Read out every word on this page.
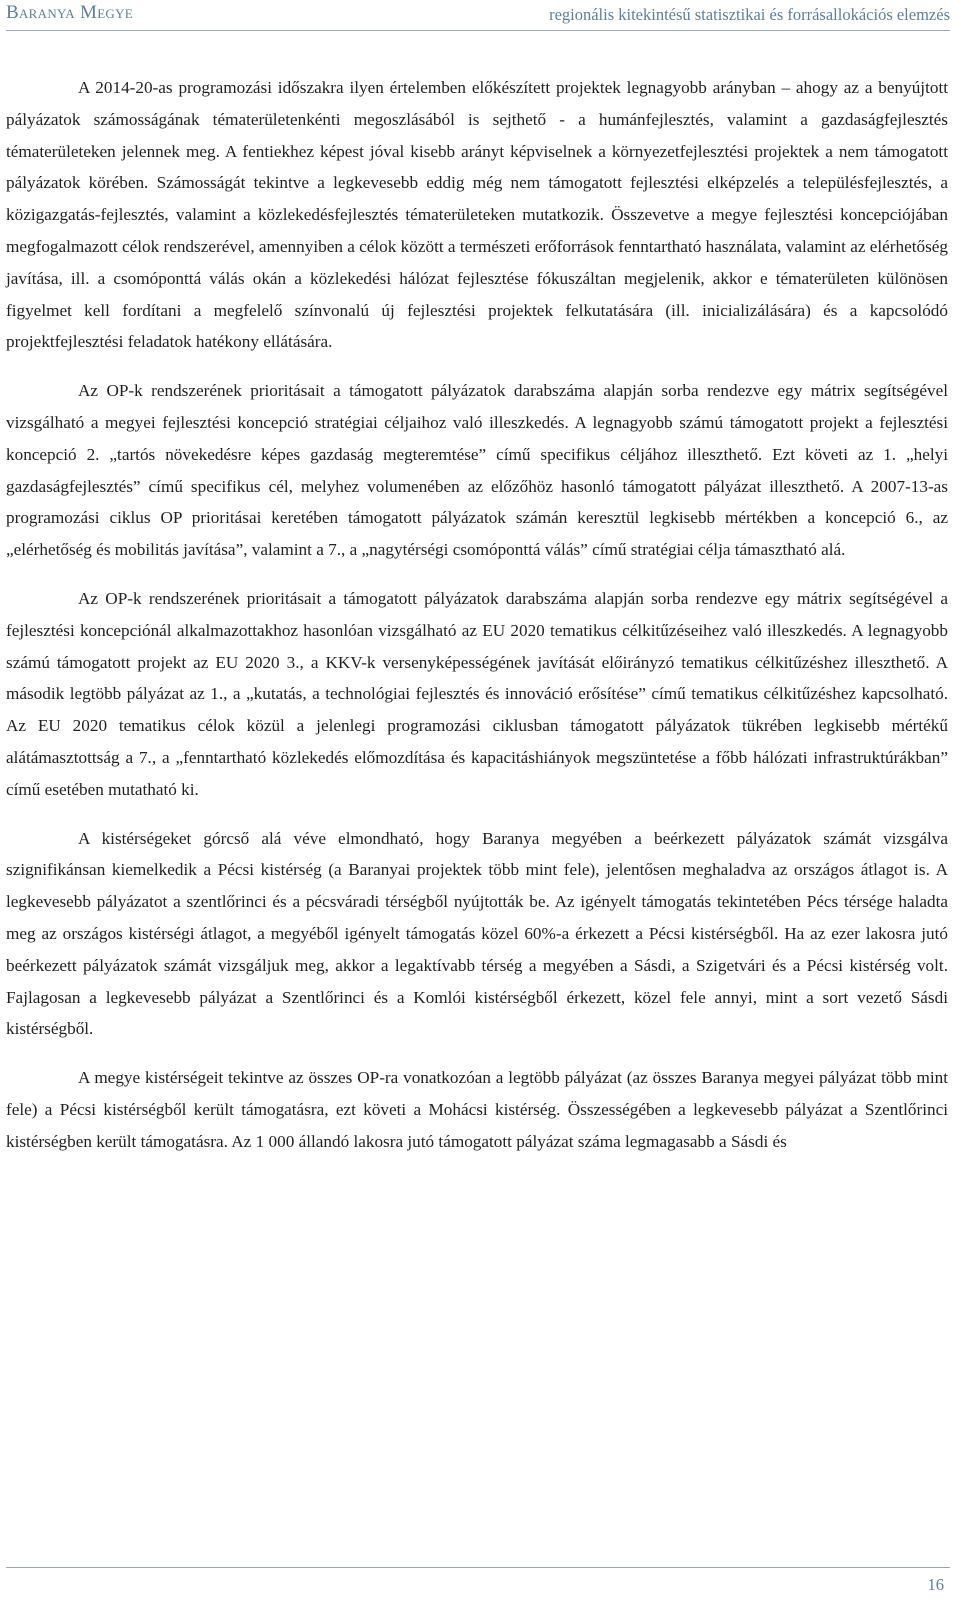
Baranya Megye	regionális kitekintésű statisztikai és forrásallokációs elemzés

A 2014-20-as programozási időszakra ilyen értelemben előkészített projektek legnagyobb arányban – ahogy az a benyújtott pályázatok számosságának tématerületenkénti megoszlásából is sejthető - a humánfejlesztés, valamint a gazdaságfejlesztés tématerületeken jelennek meg. A fentiekhez képest jóval kisebb arányt képviselnek a környezetfejlesztési projektek a nem támogatott pályázatok körében. Számosságát tekintve a legkevesebb eddig még nem támogatott fejlesztési elképzelés a településfejlesztés, a közigazgatás-fejlesztés, valamint a közlekedésfejlesztés tématerületeken mutatkozik. Összevetve a megye fejlesztési koncepciójában megfogalmazott célok rendszerével, amennyiben a célok között a természeti erőforrások fenntartható használata, valamint az elérhetőség javítása, ill. a csomóponttá válás okán a közlekedési hálózat fejlesztése fókuszáltan megjelenik, akkor e tématerületen különösen figyelmet kell fordítani a megfelelő színvonalú új fejlesztési projektek felkutatására (ill. inicializálására) és a kapcsolódó projektfejlesztési feladatok hatékony ellátására.

Az OP-k rendszerének prioritásait a támogatott pályázatok darabszáma alapján sorba rendezve egy mátrix segítségével vizsgálható a megyei fejlesztési koncepció stratégiai céljaihoz való illeszkedés. A legnagyobb számú támogatott projekt a fejlesztési koncepció 2. „tartós növekedésre képes gazdaság megteremtése” című specifikus céljához illeszthető. Ezt követi az 1. „helyi gazdaságfejlesztés” című specifikus cél, melyhez volumenében az előzőhöz hasonló támogatott pályázat illeszthető. A 2007-13-as programozási ciklus OP prioritásai keretében támogatott pályázatok számán keresztül legkisebb mértékben a koncepció 6., az „elérhetőség és mobilitás javítása”, valamint a 7., a „nagytérségi csomóponttá válás” című stratégiai célja támasztható alá.

Az OP-k rendszerének prioritásait a támogatott pályázatok darabszáma alapján sorba rendezve egy mátrix segítségével a fejlesztési koncepciónál alkalmazottakhoz hasonlóan vizsgálható az EU 2020 tematikus célkitűzéseihez való illeszkedés. A legnagyobb számú támogatott projekt az EU 2020 3., a KKV-k versenyképességének javítását előirányzó tematikus célkitűzéshez illeszthető. A második legtöbb pályázat az 1., a „kutatás, a technológiai fejlesztés és innováció erősítése” című tematikus célkitűzéshez kapcsolható. Az EU 2020 tematikus célok közül a jelenlegi programozási ciklusban támogatott pályázatok tükrében legkisebb mértékű alátámasztottság a 7., a „fenntartható közlekedés előmozdítása és kapacitáshiányok megszüntetése a főbb hálózati infrastruktúrákban” című esetében mutatható ki.

A kistérségeket górcső alá véve elmondható, hogy Baranya megyében a beérkezett pályázatok számát vizsgálva szignifikánsan kiemelkedik a Pécsi kistérség (a Baranyai projektek több mint fele), jelentősen meghaladva az országos átlagot is. A legkevesebb pályázatot a szentlőrinci és a pécsváradi térségből nyújtották be. Az igényelt támogatás tekintetében Pécs térsége haladta meg az országos kistérségi átlagot, a megyéből igényelt támogatás közel 60%-a érkezett a Pécsi kistérségből. Ha az ezer lakosra jutó beérkezett pályázatok számát vizsgáljuk meg, akkor a legaktívabb térség a megyében a Sásdi, a Szigetvári és a Pécsi kistérség volt. Fajlagosan a legkevesebb pályázat a Szentlőrinci és a Komlói kistérségből érkezett, közel fele annyi, mint a sort vezető Sásdi kistérségből.

A megye kistérségeit tekintve az összes OP-ra vonatkozóan a legtöbb pályázat (az összes Baranya megyei pályázat több mint fele) a Pécsi kistérségből került támogatásra, ezt követi a Mohácsi kistérség. Összességében a legkevesebb pályázat a Szentlőrinci kistérségben került támogatásra. Az 1 000 állandó lakosra jutó támogatott pályázat száma legmagasabb a Sásdi és

16
